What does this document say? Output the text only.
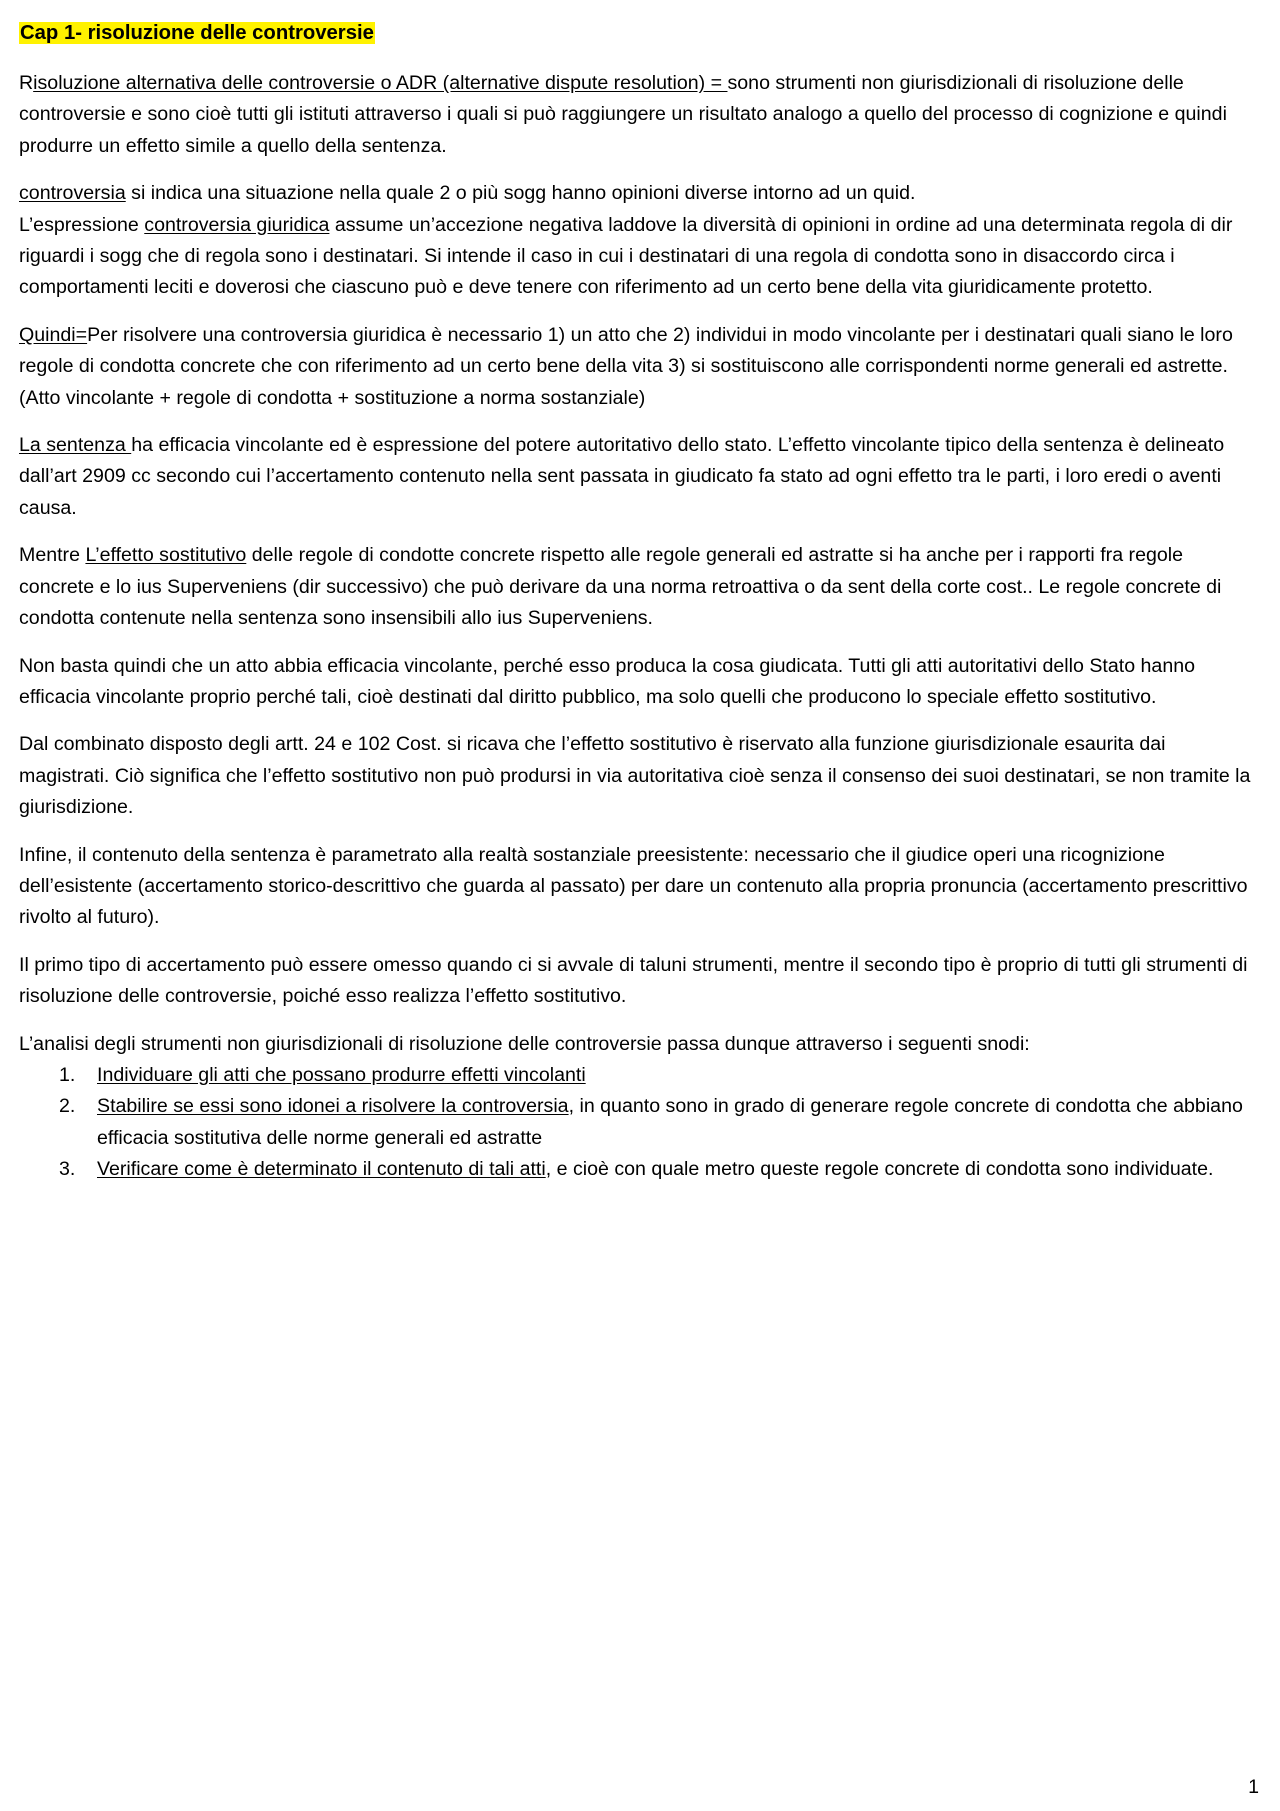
Cap 1- risoluzione delle controversie

Risoluzione alternativa delle controversie o ADR (alternative dispute resolution) = sono strumenti non giurisdizionali di risoluzione delle controversie e sono cioè tutti gli istituti attraverso i quali si può raggiungere un risultato analogo a quello del processo di cognizione e quindi produrre un effetto simile a quello della sentenza.

controversia si indica una situazione nella quale 2 o più sogg hanno opinioni diverse intorno ad un quid.
L’espressione controversia giuridica assume un’accezione negativa laddove la diversità di opinioni in ordine ad una determinata regola di dir riguardi i sogg che di regola sono i destinatari. Si intende il caso in cui i destinatari di una regola di condotta sono in disaccordo circa i comportamenti leciti e doverosi che ciascuno può e deve tenere con riferimento ad un certo bene della vita giuridicamente protetto.

Quindi=Per risolvere una controversia giuridica è necessario 1) un atto che 2) individui in modo vincolante per i destinatari quali siano le loro regole di condotta concrete che con riferimento ad un certo bene della vita 3) si sostituiscono alle corrispondenti norme generali ed astrette. (Atto vincolante + regole di condotta + sostituzione a norma sostanziale)

La sentenza ha efficacia vincolante ed è espressione del potere autoritativo dello stato. L’effetto vincolante tipico della sentenza è delineato dall’art 2909 cc secondo cui l’accertamento contenuto nella sent passata in giudicato fa stato ad ogni effetto tra le parti, i loro eredi o aventi causa.

Mentre L’effetto sostitutivo delle regole di condotte concrete rispetto alle regole generali ed astratte si ha anche per i rapporti fra regole concrete e lo ius Superveniens (dir successivo) che può derivare da una norma retroattiva o da sent della corte cost.. Le regole concrete di condotta contenute nella sentenza sono insensibili allo ius Superveniens.

Non basta quindi che un atto abbia efficacia vincolante, perché esso produca la cosa giudicata. Tutti gli atti autoritativi dello Stato hanno efficacia vincolante proprio perché tali, cioè destinati dal diritto pubblico, ma solo quelli che producono lo speciale effetto sostitutivo.

Dal combinato disposto degli artt. 24 e 102 Cost. si ricava che l’effetto sostitutivo è riservato alla funzione giurisdizionale esaurita dai magistrati. Ciò significa che l’effetto sostitutivo non può prodursi in via autoritativa cioè senza il consenso dei suoi destinatari, se non tramite la giurisdizione.

Infine, il contenuto della sentenza è parametrato alla realtà sostanziale preesistente: necessario che il giudice operi una ricognizione dell’esistente (accertamento storico-descrittivo che guarda al passato) per dare un contenuto alla propria pronuncia (accertamento prescrittivo rivolto al futuro).

Il primo tipo di accertamento può essere omesso quando ci si avvale di taluni strumenti, mentre il secondo tipo è proprio di tutti gli strumenti di risoluzione delle controversie, poiché esso realizza l’effetto sostitutivo.

L’analisi degli strumenti non giurisdizionali di risoluzione delle controversie passa dunque attraverso i seguenti snodi:

1. Individuare gli atti che possano produrre effetti vincolanti
2. Stabilire se essi sono idonei a risolvere la controversia, in quanto sono in grado di generare regole concrete di condotta che abbiano efficacia sostitutiva delle norme generali ed astratte
3. Verificare come è determinato il contenuto di tali atti, e cioè con quale metro queste regole concrete di condotta sono individuate.
1
